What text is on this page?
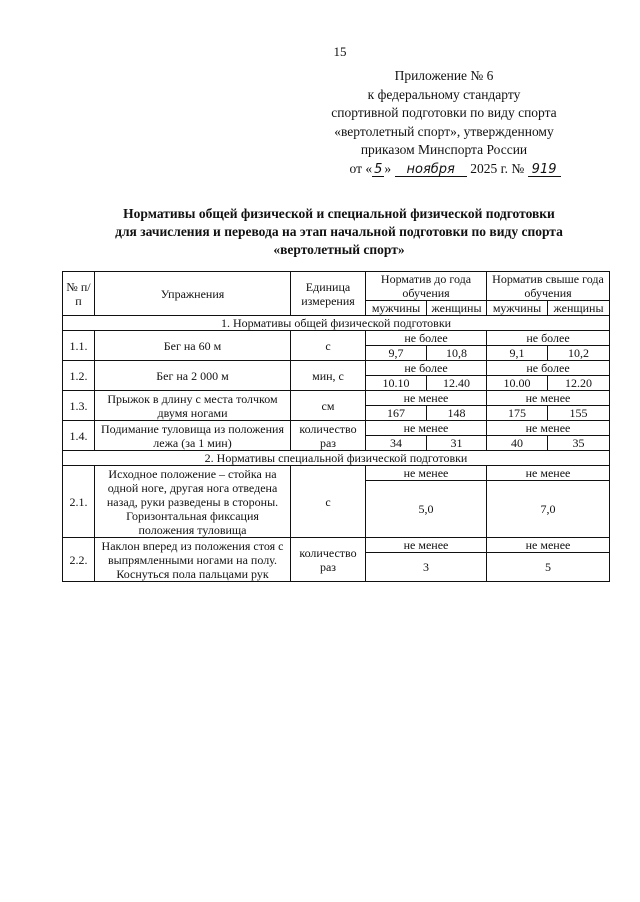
15
Приложение № 6
к федеральному стандарту
спортивной подготовки по виду спорта
«вертолетный спорт», утвержденному
приказом Минспорта России
от « 5 » ноября 2025 г. № 919
Нормативы общей физической и специальной физической подготовки
для зачисления и перевода на этап начальной подготовки по виду спорта
«вертолетный спорт»
№ п/п	Упражнения	Единица измерения	Норматив до года обучения		Норматив свыше года обучения	
			мужчины	женщины	мужчины	женщины
1. Нормативы общей физической подготовки						
1.1.	Бег на 60 м	с	не более		не более	
			9,7	10,8	9,1	10,2
1.2.	Бег на 2 000 м	мин, с	не более		не более	
			10.10	12.40	10.00	12.20
1.3.	Прыжок в длину с места толчком двумя ногами	см	не менее		не менее	
			167	148	175	155
1.4.	Подимание туловища из положения лежа (за 1 мин)	количество раз	не менее		не менее	
			34	31	40	35
2. Нормативы специальной физической подготовки						
2.1.	Исходное положение – стойка на одной ноге, другая нога отведена назад, руки разведены в стороны. Горизонтальная фиксация положения туловища	с	не менее		не менее	
			5,0		7,0	
2.2.	Наклон вперед из положения стоя с выпрямленными ногами на полу. Коснуться пола пальцами рук	количество раз	не менее		не менее	
			3		5	
